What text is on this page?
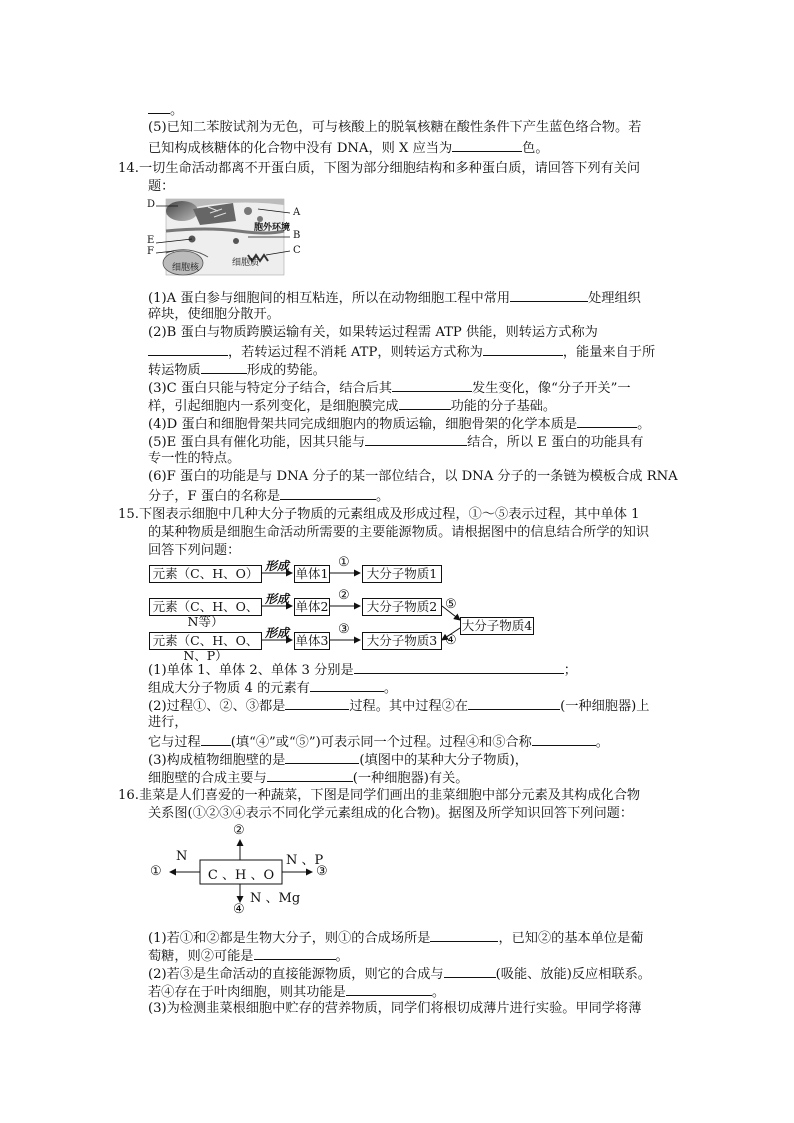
。
(5)已知二苯胺试剂为无色，可与核酸上的脱氧核糖在酸性条件下产生蓝色络合物。若
已知构成核糖体的化合物中没有 DNA，则 X 应当为	色。
14.一切生命活动都离不开蛋白质，下图为部分细胞结构和多种蛋白质，请回答下列有关问
题：
D
A
胞外环境
E	B
F	C
细胞核	细胞质
(1)A 蛋白参与细胞间的相互粘连，所以在动物细胞工程中常用	处理组织
碎块，使细胞分散开。
(2)B 蛋白与物质跨膜运输有关，如果转运过程需 ATP 供能，则转运方式称为
，若转运过程不消耗 ATP，则转运方式称为	，能量来自于所
转运物质	形成的势能。
(3)C 蛋白只能与特定分子结合，结合后其	发生变化，像“分子开关”一
样，引起细胞内一系列变化，是细胞膜完成	功能的分子基础。
(4)D 蛋白和细胞骨架共同完成细胞内的物质运输，细胞骨架的化学本质是	。
(5)E 蛋白具有催化功能，因其只能与	结合，所以 E 蛋白的功能具有
专一性的特点。
(6)F 蛋白的功能是与 DNA 分子的某一部位结合，以 DNA 分子的一条链为模板合成 RNA
分子，F 蛋白的名称是	。
15.下图表示细胞中几种大分子物质的元素组成及形成过程，①～⑤表示过程，其中单体 1
的某种物质是细胞生命活动所需要的主要能源物质。请根据图中的信息结合所学的知识
回答下列问题：
元素（C、H、O）
元素（C、H、O、N等）
元素（C、H、O、N、P）
形成
形成
形成
单体1
单体2
单体3
①
②
③
大分子物质1
大分子物质2
大分子物质3
⑤
④
大分子物质4
(1)单体 1、单体 2、单体 3 分别是	；
组成大分子物质 4 的元素有	。
(2)过程①、②、③都是	过程。其中过程②在	(一种细胞器)上
进行，
它与过程 (填“④”或“⑤”)可表示同一个过程。过程④和⑤合称	。
(3)构成植物细胞壁的是	(填图中的某种大分子物质)，
细胞壁的合成主要与	(一种细胞器)有关。
16.韭菜是人们喜爱的一种蔬菜，下图是同学们画出的韭菜细胞中部分元素及其构成化合物
关系图(①②③④表示不同化学元素组成的化合物)。据图及所学知识回答下列问题：
C 、H 、O
②
①	③
④
N	N 、P
N 、Mg
(1)若①和②都是生物大分子，则①的合成场所是	，已知②的基本单位是葡
萄糖，则②可能是	。
(2)若③是生命活动的直接能源物质，则它的合成与	(吸能、放能)反应相联系。
若④存在于叶肉细胞，则其功能是	。
(3)为检测韭菜根细胞中贮存的营养物质，同学们将根切成薄片进行实验。甲同学将薄
